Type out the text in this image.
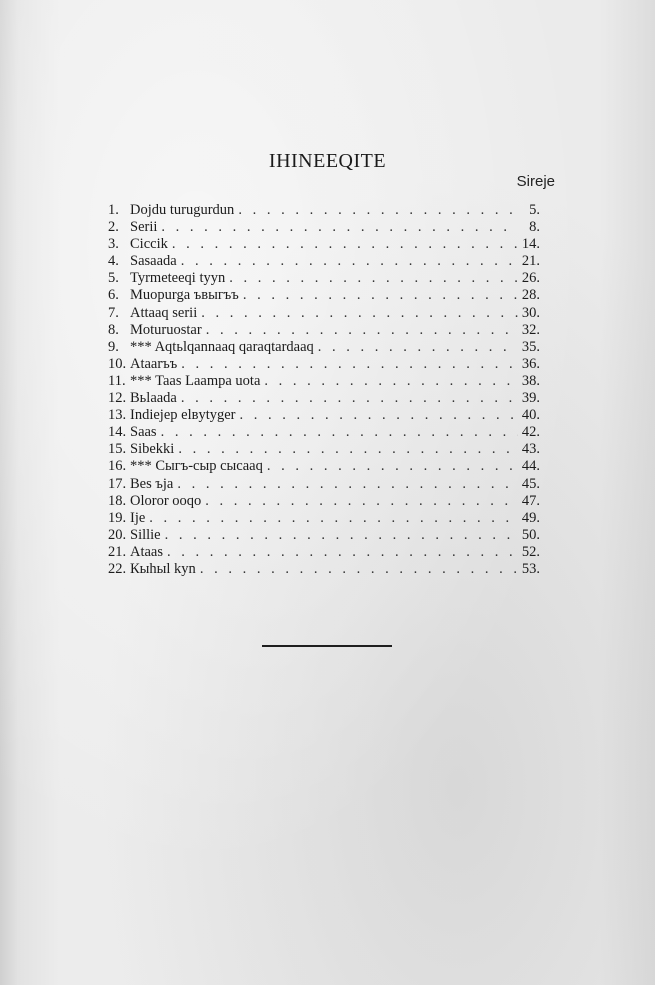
IHINEEQITE
Sireje
1. Dojdu turugurdun . . .	5.
2. Serii . . .	8.
3. Ciccik . . .	14.
4. Sasaada . . .	21.
5. Tyrmeteeqi tyyn . . .	26.
6. Muopurga ъвыгъъ . . .	28.
7. Attaaq serii . . .	30.
8. Moturuostar . . .	32.
9. *** Aqtьlqannaaq qaraqtardaaq . . .	35.
10. Ataarъъ . . .	36.
11. *** Taas Laampa uota . . .	38.
12. Вьlaada . . .	39.
13. Indiejep elвytyger . . .	40.
14. Saas . . .	42.
15. Sibekki . . .	43.
16. *** Сыгъ-сыр сысaaq . . .	44.
17. Bes ъja . . .	45.
18. Oloror ooqo . . .	47.
19. Ije . . .	49.
20. Sillie . . .	50.
21. Ataas . . .	52.
22. Кыhыl kyn . . .	53.
